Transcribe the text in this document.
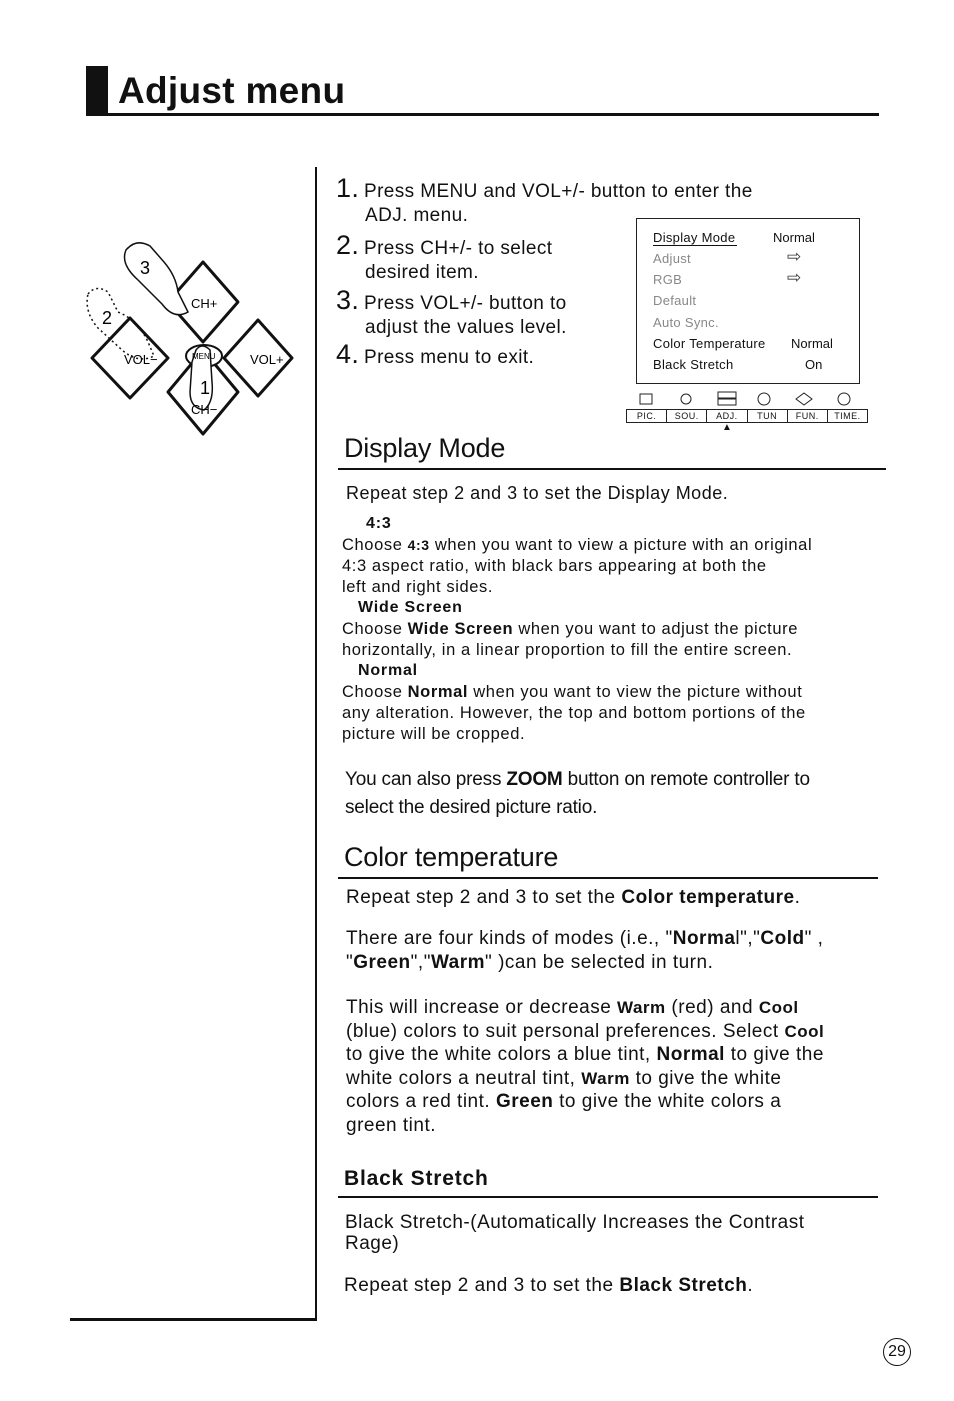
Adjust menu
CH+
CH−
VOL−	VOL+
MENU
1
2
3
1. Press MENU and VOL+/- button to enter the
ADJ. menu.
2. Press CH+/- to select
desired item.
3. Press VOL+/- button to
adjust the values level.
4. Press menu to exit.
Display Mode	Normal
Adjust	⇨
RGB	⇨
Default
Auto Sync.
Color Temperature Normal
Black Stretch	On
PIC.	SOU.	ADJ.	TUN	FUN.	TIME.
▲
Display Mode
Repeat step 2 and 3 to set the Display Mode.
4:3
Choose 4:3 when you want to view a picture with an original
4:3 aspect ratio, with black bars appearing at both the
left and right sides.
Wide Screen
Choose Wide Screen when you want to adjust the picture
horizontally, in a linear proportion to fill the entire screen.
Normal
Choose Normal when you want to view the picture without
any alteration. However, the top and bottom portions of the
picture will be cropped.
You can also press ZOOM button on remote controller to
select the desired picture ratio.
Color temperature
Repeat step 2 and 3 to set the Color temperature.
There are four kinds of modes (i.e., "Normal","Cold" ,
"Green","Warm" )can be selected in turn.
This will increase or decrease Warm (red) and Cool
(blue) colors to suit personal preferences. Select Cool
to give the white colors a blue tint, Normal to give the
white colors a neutral tint, Warm to give the white
colors a red tint. Green to give the white colors a
green tint.
Black Stretch
Black Stretch-(Automatically Increases the Contrast
Rage)
Repeat step 2 and 3 to set the Black Stretch.
29
